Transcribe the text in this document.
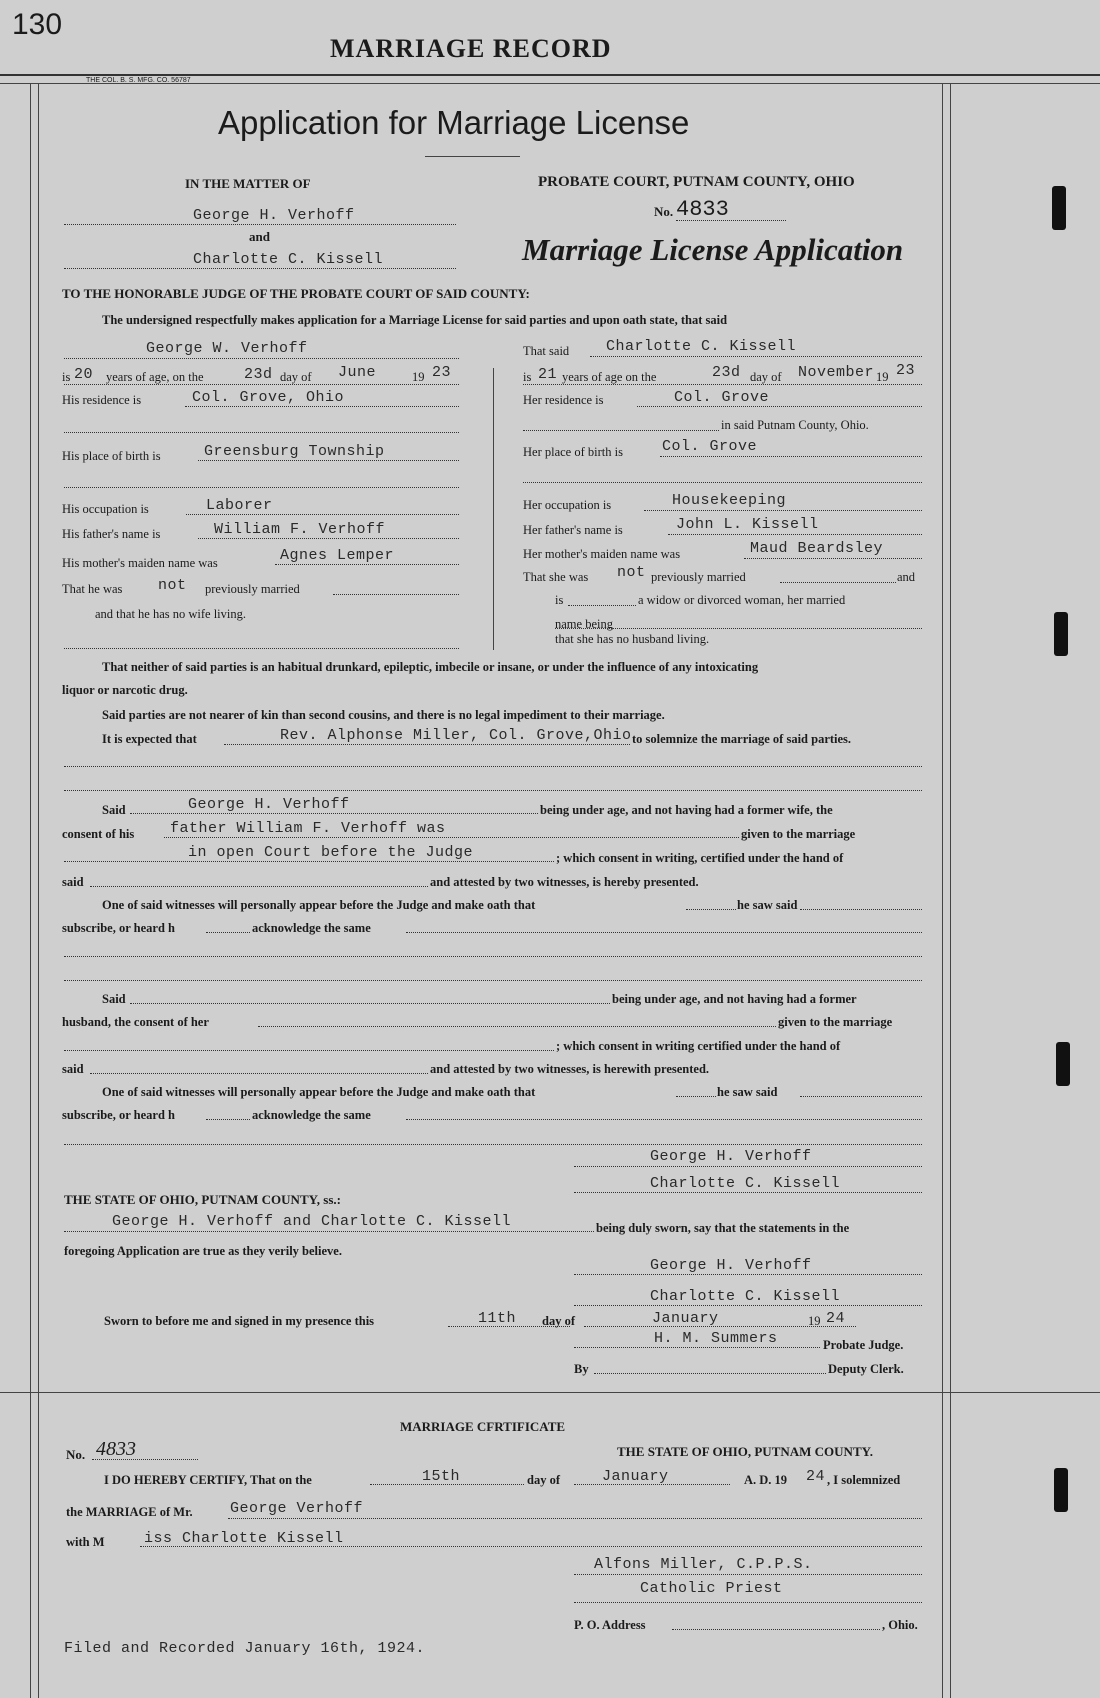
130
MARRIAGE RECORD
THE COL. B. S. MFG. CO. 56787
Application for Marriage License
IN THE MATTER OF
George H. Verhoff
and
Charlotte C. Kissell
PROBATE COURT, PUTNAM COUNTY, OHIO
No. 4833
Marriage License Application
TO THE HONORABLE JUDGE OF THE PROBATE COURT OF SAID COUNTY:
The undersigned respectfully makes application for a Marriage License for said parties and upon oath state, that said
George W. Verhoff
is 20 years of age, on the	23d day of June	19 23
His residence is	Col. Grove, Ohio
His place of birth is	Greensburg Township
His occupation is	Laborer
His father's name is	William F. Verhoff
His mother's maiden name was	Agnes Lemper
That he was not previously married
and that he has no wife living.
That said Charlotte C. Kissell
is 21 years of age on the	23d day of November 19 23
Her residence is	Col. Grove
in said Putnam County, Ohio.
Her place of birth is	Col. Grove
Her occupation is	Housekeeping
Her father's name is	John L. Kissell
Her mother's maiden name was	Maud Beardsley
That she was not previously married	and
is	a widow or divorced woman, her married
name being
that she has no husband living.
That neither of said parties is an habitual drunkard, epileptic, imbecile or insane, or under the influence of any intoxicating
liquor or narcotic drug.
Said parties are not nearer of kin than second cousins, and there is no legal impediment to their marriage.
It is expected that	Rev. Alphonse Miller, Col. Grove,Ohio to solemnize the marriage of said parties.
Said	George H. Verhoff	being under age, and not having had a former wife, the
consent of his father William F. Verhoff was	given to the marriage
in open Court before the Judge	; which consent in writing, certified under the hand of
said	and attested by two witnesses, is hereby presented.
One of said witnesses will personally appear before the Judge and make oath that	he saw said
subscribe, or heard h	acknowledge the same
Said	being under age, and not having had a former
husband, the consent of her	given to the marriage
; which consent in writing certified under the hand of
said	and attested by two witnesses, is herewith presented.
One of said witnesses will personally appear before the Judge and make oath that	he saw said
subscribe, or heard h	acknowledge the same
George H. Verhoff
Charlotte C. Kissell
THE STATE OF OHIO, PUTNAM COUNTY, ss.:
George H. Verhoff and Charlotte C. Kissell	being duly sworn, say that the statements in the
foregoing Application are true as they verily believe.
George H. Verhoff
Charlotte C. Kissell
Sworn to before me and signed in my presence this	11th day of	January	19 24
H. M. Summers	Probate Judge.
By	Deputy Clerk.
MARRIAGE CFRTIFICATE
No. 4833	THE STATE OF OHIO, PUTNAM COUNTY.
I DO HEREBY CERTIFY, That on the	15th	day of	January	A. D. 19 24 , I solemnized
the MARRIAGE of Mr. George Verhoff
with M	iss Charlotte Kissell
Alfons Miller, C.P.P.S.
Catholic Priest
P. O. Address	, Ohio.
Filed and Recorded January 16th, 1924.
